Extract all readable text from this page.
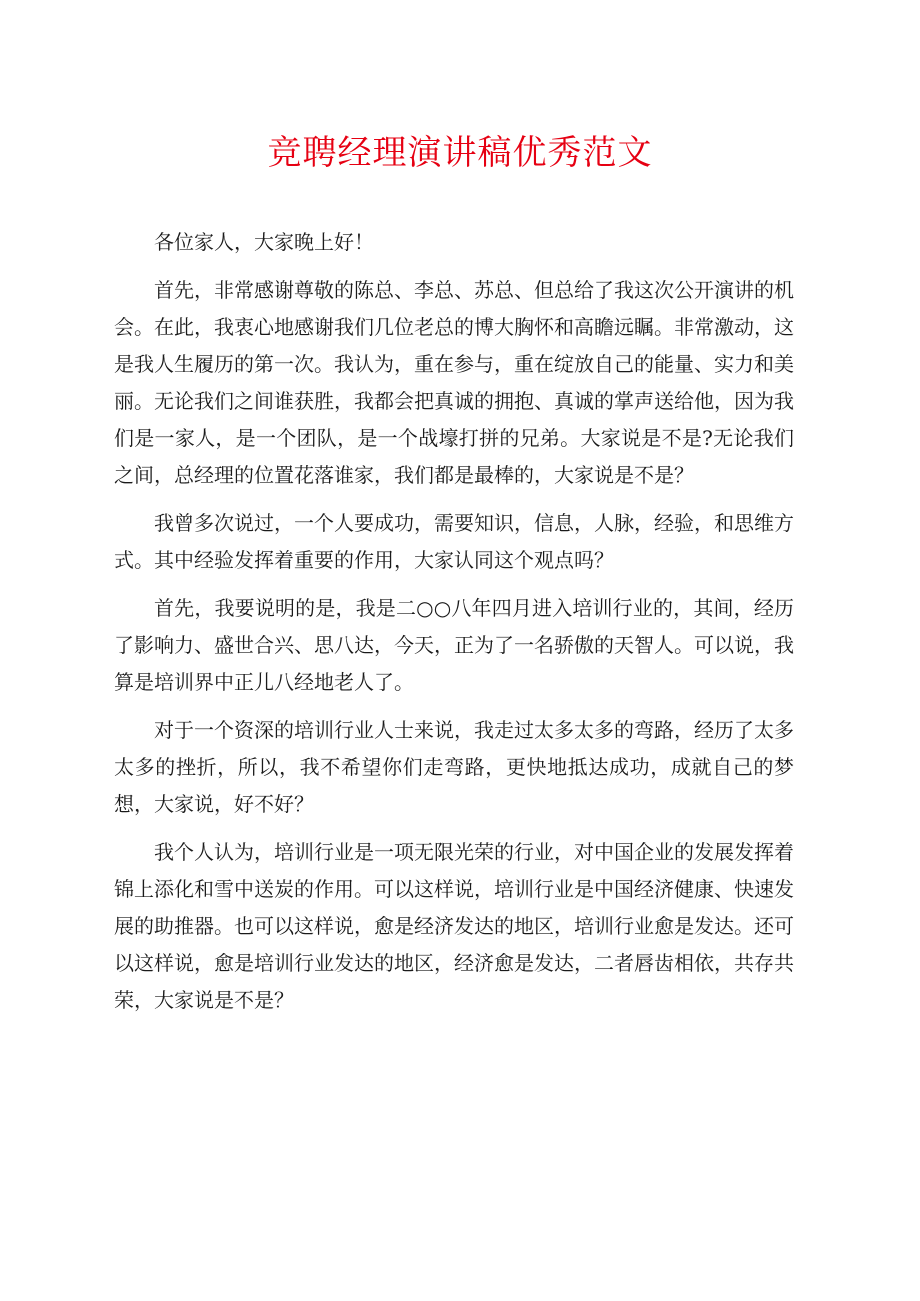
竞聘经理演讲稿优秀范文

各位家人，大家晚上好！

首先，非常感谢尊敬的陈总、李总、苏总、但总给了我这次公开演讲的机会。在此，我衷心地感谢我们几位老总的博大胸怀和高瞻远瞩。非常激动，这是我人生履历的第一次。我认为，重在参与，重在绽放自己的能量、实力和美丽。无论我们之间谁获胜，我都会把真诚的拥抱、真诚的掌声送给他，因为我们是一家人，是一个团队，是一个战壕打拼的兄弟。大家说是不是?无论我们之间，总经理的位置花落谁家，我们都是最棒的，大家说是不是？

我曾多次说过，一个人要成功，需要知识，信息，人脉，经验，和思维方式。其中经验发挥着重要的作用，大家认同这个观点吗？

首先，我要说明的是，我是二○○八年四月进入培训行业的，其间，经历了影响力、盛世合兴、思八达，今天，正为了一名骄傲的天智人。可以说，我算是培训界中正儿八经地老人了。

对于一个资深的培训行业人士来说，我走过太多太多的弯路，经历了太多太多的挫折，所以，我不希望你们走弯路，更快地抵达成功，成就自己的梦想，大家说，好不好？

我个人认为，培训行业是一项无限光荣的行业，对中国企业的发展发挥着锦上添化和雪中送炭的作用。可以这样说，培训行业是中国经济健康、快速发展的助推器。也可以这样说，愈是经济发达的地区，培训行业愈是发达。还可以这样说，愈是培训行业发达的地区，经济愈是发达，二者唇齿相依，共存共荣，大家说是不是？
